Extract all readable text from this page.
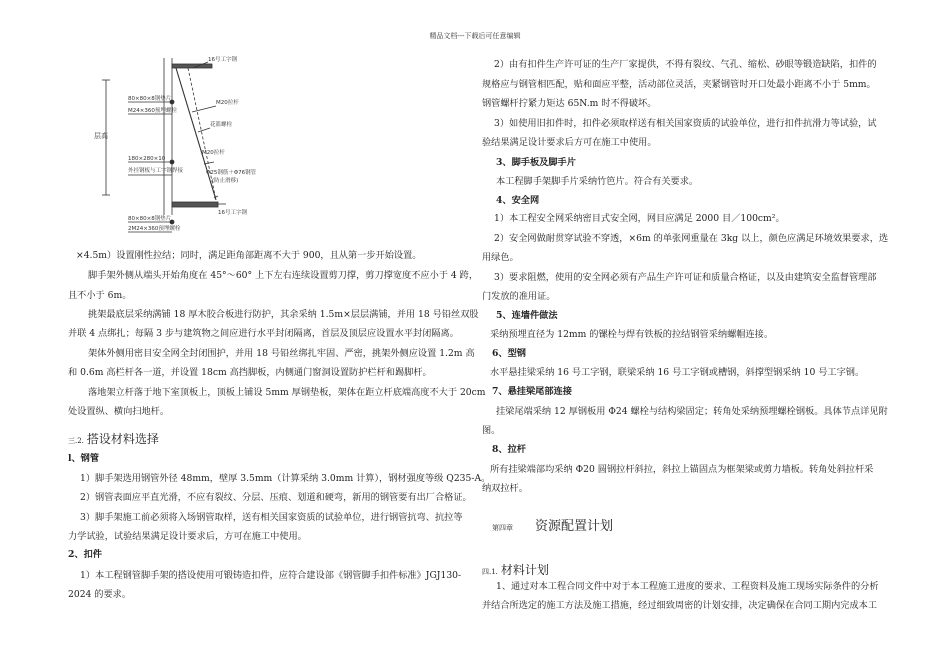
精品文档---下载后可任意编辑
16号工字钢
层高
80×80×8钢垫片
M24×360预埋螺栓
M20拉杆
花篮螺栓
180×280×10
外挂钢板与工字钢焊接
M20拉杆
Φ25钢筋＋Φ76钢管
(防止滑移)
16号工字钢
80×80×8钢垫片
2M24×360预埋螺栓
×4.5m）设置刚性拉结；同时，满足距角部距离不大于 900，且从第一步开始设置。
脚手架外侧从端头开始角度在 45°～60° 上下左右连续设置剪刀撑，剪刀撑宽度不应小于 4 跨，
且不小于 6m。
挑架最底层采纳满铺 18 厚木胶合板进行防护，其余采纳 1.5m×层层满铺，并用 18 号铅丝双股
并联 4 点绑扎；每隔 3 步与建筑物之间应进行水平封闭隔离，首层及顶层应设置水平封闭隔离。
架体外侧用密目安全网全封闭围护，并用 18 号铅丝绑扎牢固、严密，挑架外侧应设置 1.2m 高
和 0.6m 高栏杆各一道，并设置 18cm 高挡脚板，内侧通门窗洞设置防护栏杆和踢脚杆。
落地架立杆落于地下室顶板上，顶板上铺设 5mm 厚钢垫板，架体在距立杆底端高度不大于 20cm
处设置纵、横向扫地杆。
三.2. 搭设材料选择
l、钢管
1）脚手架选用钢管外径 48mm，壁厚 3.5mm（计算采纳 3.0mm 计算），钢材强度等级 Q235-A。
2）钢管表面应平直光滑，不应有裂纹、分层、压痕、划道和硬弯，新用的钢管要有出厂合格证。
3）脚手架施工前必须将入场钢管取样，送有相关国家资质的试验单位，进行钢管抗弯、抗拉等
力学试验，试验结果满足设计要求后，方可在施工中使用。
2、扣件
1）本工程钢管脚手架的搭设使用可锻铸造扣件，应符合建设部《钢管脚手扣件标准》JGJ130-
2024 的要求。
2）由有扣件生产许可证的生产厂家提供，不得有裂纹、气孔、缩松、砂眼等锻造缺陷，扣件的
规格应与钢管相匹配，贴和面应平整，活动部位灵活，夹紧钢管时开口处最小距离不小于 5mm。
钢管螺杆拧紧力矩达 65N.m 时不得破坏。
3）如使用旧扣件时，扣件必须取样送有相关国家资质的试验单位，进行扣件抗滑力等试验，试
验结果满足设计要求后方可在施工中使用。
3、脚手板及脚手片
本工程脚手架脚手片采纳竹笆片。符合有关要求。
4、安全网
1）本工程安全网采纳密目式安全网，网目应满足 2000 目／100cm²。
2）安全网做耐贯穿试验不穿透，×6m 的单张网重量在 3kg 以上，颜色应满足环境效果要求，选
用绿色。
3）要求阻燃，使用的安全网必须有产品生产许可证和质量合格证，以及由建筑安全监督管理部
门发放的准用证。
5、连墙件做法
采纳预埋直径为 12mm 的镙栓与焊有铁板的拉结钢管采纳螺帽连接。
6、型钢
水平悬挂梁采纳 16 号工字钢，联梁采纳 16 号工字钢或槽钢，斜撑型钢采纳 10 号工字钢。
7、悬挂梁尾部连接
挂梁尾端采纳 12 厚钢板用 Φ24 螺栓与结构梁固定；转角处采纳预埋螺栓钢板。具体节点详见附
图。
8、拉杆
所有挂梁端部均采纳 Φ20 圆钢拉杆斜拉，斜拉上锚固点为框架梁或剪力墙板。转角处斜拉杆采
纳双拉杆。
第四章 资源配置计划
四.1. 材料计划
1、通过对本工程合同文件中对于本工程施工进度的要求、工程资料及施工现场实际条件的分析
并结合所选定的施工方法及施工措施，经过细致周密的计划安排，决定确保在合同工期内完成本工
